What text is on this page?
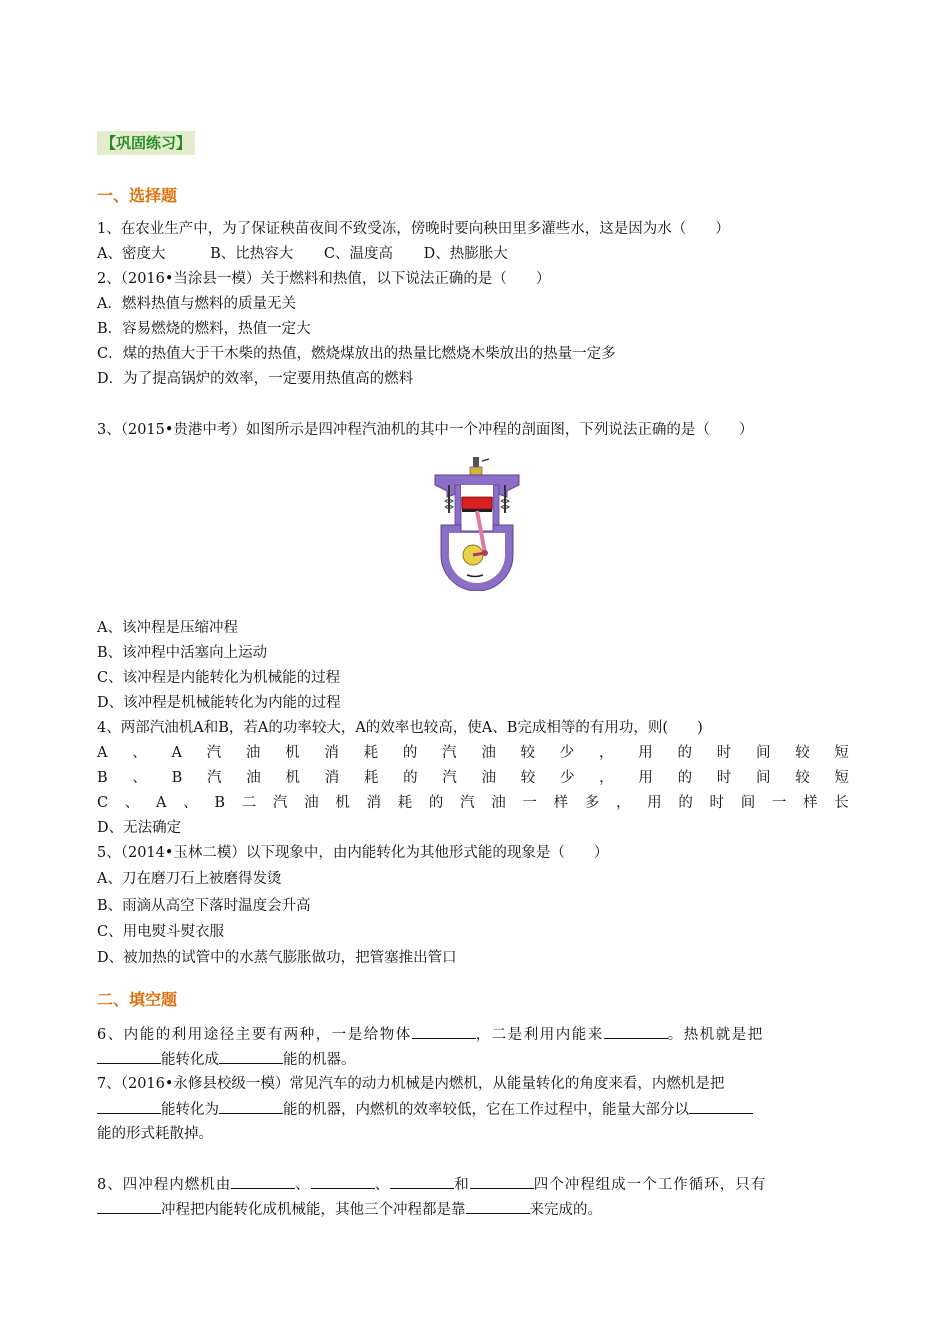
【巩固练习】
一、选择题
1、在农业生产中，为了保证秧苗夜间不致受冻，傍晚时要向秧田里多灌些水，这是因为水（　　）
A、密度大	B、比热容大 C、温度高 D、热膨胀大
2、（2016•当涂县一模）关于燃料和热值，以下说法正确的是（　　）
A．燃料热值与燃料的质量无关
B．容易燃烧的燃料，热值一定大
C．煤的热值大于干木柴的热值，燃烧煤放出的热量比燃烧木柴放出的热量一定多
D．为了提高锅炉的效率，一定要用热值高的燃料
3、（2015•贵港中考）如图所示是四冲程汽油机的其中一个冲程的剖面图，下列说法正确的是（　　）
A、该冲程是压缩冲程
B、该冲程中活塞向上运动
C、该冲程是内能转化为机械能的过程
D、该冲程是机械能转化为内能的过程
4、两部汽油机A和B，若A的功率较大，A的效率也较高，使A、B完成相等的有用功，则(　　)
A 、 A 汽 油 机 消 耗 的 汽 油 较 少 ， 用 的 时 间 较 短
B 、 B 汽 油 机 消 耗 的 汽 油 较 少 ， 用 的 时 间 较 短
C 、 A 、 B 二 汽 油 机 消 耗 的 汽 油 一 样 多 ， 用 的 时 间 一 样 长
D、无法确定
5、（2014•玉林二模）以下现象中，由内能转化为其他形式能的现象是（　　）
A、刀在磨刀石上被磨得发烫
B、雨滴从高空下落时温度会升高
C、用电熨斗熨衣服
D、被加热的试管中的水蒸气膨胀做功，把管塞推出管口
二、填空题
6、内能的利用途径主要有两种，一是给物体	，二是利用内能来	。热机就是把
能转化成	能的机器。
7、（2016•永修县校级一模）常见汽车的动力机械是内燃机，从能量转化的角度来看，内燃机是把
能转化为	能的机器，内燃机的效率较低，它在工作过程中，能量大部分以
能的形式耗散掉。
8、四冲程内燃机由	、	、	和	四个冲程组成一个工作循环，只有
冲程把内能转化成机械能，其他三个冲程都是靠	来完成的。
